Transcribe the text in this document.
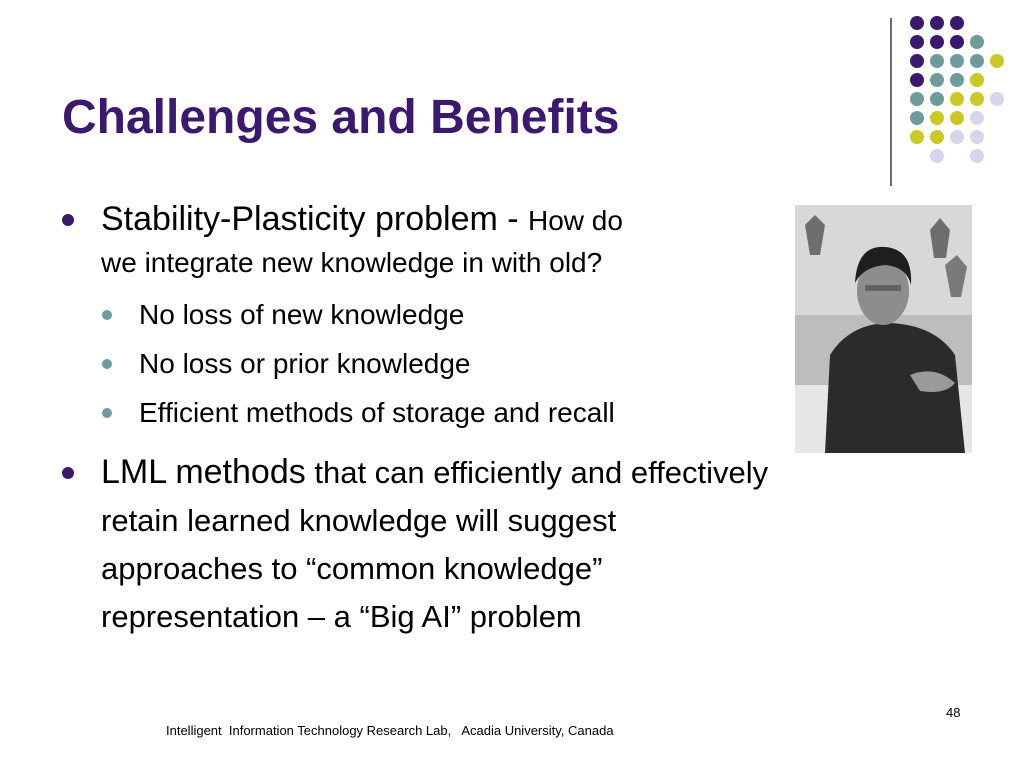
Challenges and Benefits
Stability-Plasticity problem - How do
we integrate new knowledge in with old?
No loss of new knowledge
No loss or prior knowledge
Efficient methods of storage and recall
LML methods that can efficiently and effectively
retain learned knowledge will suggest
approaches to “common knowledge”
representation – a “Big AI” problem
48
Intelligent  Information Technology Research Lab,   Acadia University, Canada
